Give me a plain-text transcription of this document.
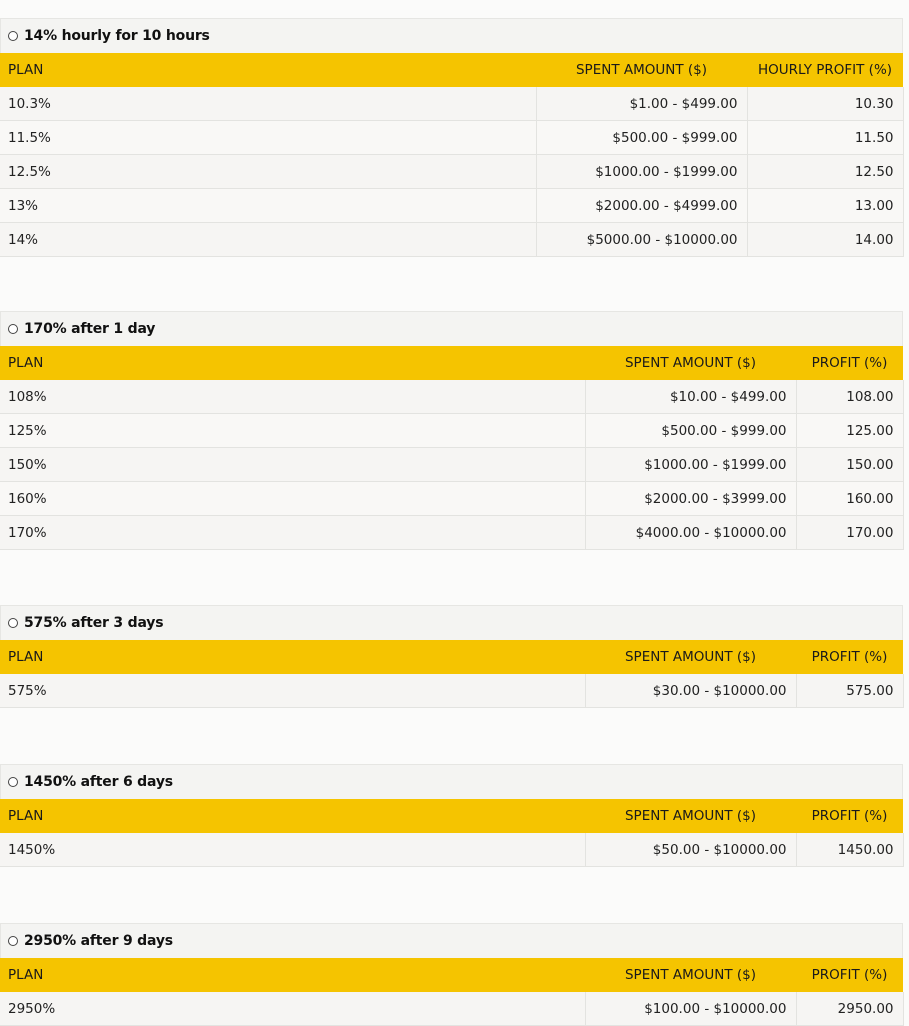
14% hourly for 10 hours
PLAN	SPENT AMOUNT ($)	HOURLY PROFIT (%)
10.3%	$1.00 - $499.00	10.30
11.5%	$500.00 - $999.00	11.50
12.5%	$1000.00 - $1999.00	12.50
13%	$2000.00 - $4999.00	13.00
14%	$5000.00 - $10000.00	14.00
170% after 1 day
PLAN	SPENT AMOUNT ($)	PROFIT (%)
108%	$10.00 - $499.00	108.00
125%	$500.00 - $999.00	125.00
150%	$1000.00 - $1999.00	150.00
160%	$2000.00 - $3999.00	160.00
170%	$4000.00 - $10000.00	170.00
575% after 3 days
PLAN	SPENT AMOUNT ($)	PROFIT (%)
575%	$30.00 - $10000.00	575.00
1450% after 6 days
PLAN	SPENT AMOUNT ($)	PROFIT (%)
1450%	$50.00 - $10000.00	1450.00
2950% after 9 days
PLAN	SPENT AMOUNT ($)	PROFIT (%)
2950%	$100.00 - $10000.00	2950.00
